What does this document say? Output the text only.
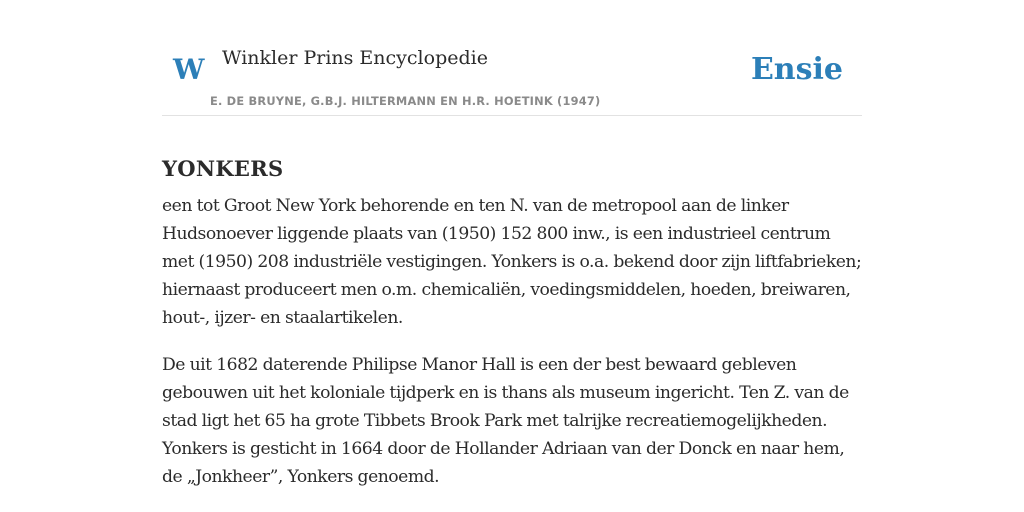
W Winkler Prins Encyclopedie	Ensie
E. DE BRUYNE, G.B.J. HILTERMANN EN H.R. HOETINK (1947)
YONKERS

een tot Groot New York behorende en ten N. van de metropool aan de linker Hudsonoever liggende plaats van (1950) 152 800 inw., is een industrieel centrum met (1950) 208 industriële vestigingen. Yonkers is o.a. bekend door zijn liftfabrieken; hiernaast produceert men o.m. chemicaliën, voedingsmiddelen, hoeden, breiwaren, hout-, ijzer- en staalartikelen.

De uit 1682 daterende Philipse Manor Hall is een der best bewaard gebleven gebouwen uit het koloniale tijdperk en is thans als museum ingericht. Ten Z. van de stad ligt het 65 ha grote Tibbets Brook Park met talrijke recreatiemogelijkheden. Yonkers is gesticht in 1664 door de Hollander Adriaan van der Donck en naar hem, de „Jonkheer”, Yonkers genoemd.
